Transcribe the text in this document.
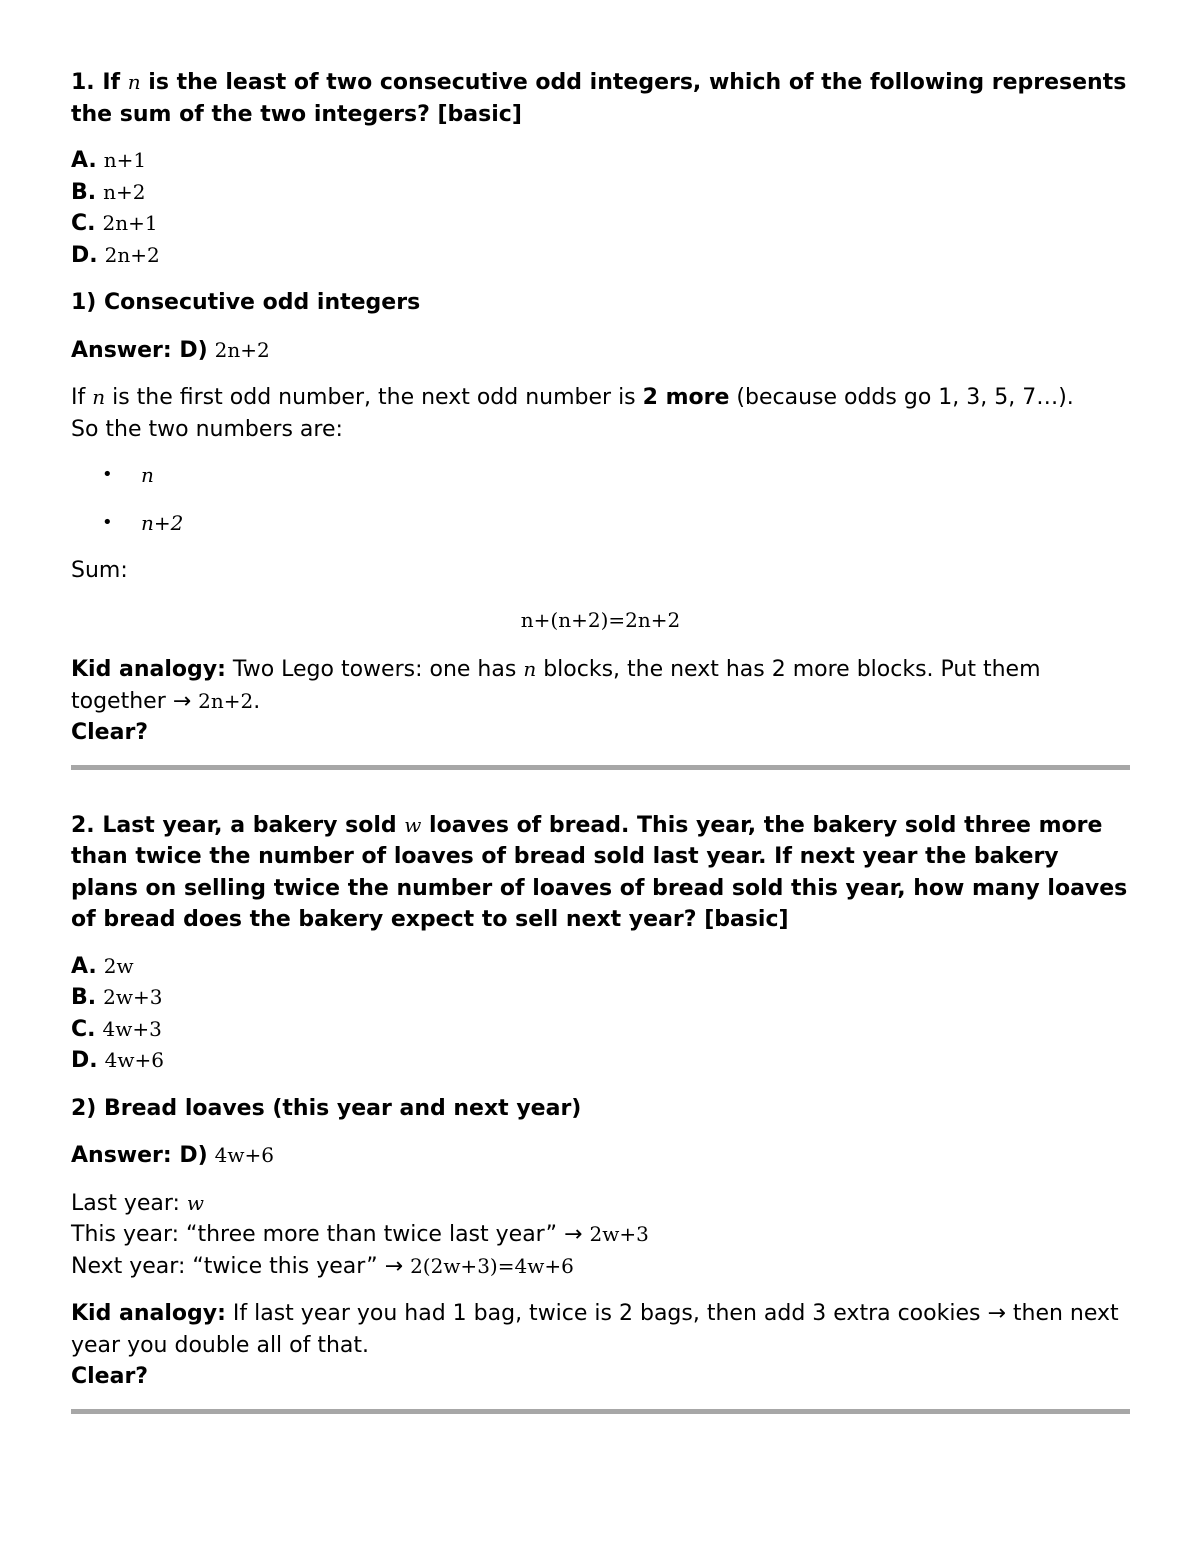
1. If n is the least of two consecutive odd integers, which of the following represents the sum of the two integers? [basic]

A. n+1
B. n+2
C. 2n+1
D. 2n+2

1) Consecutive odd integers

Answer: D) 2n+2

If n is the first odd number, the next odd number is 2 more (because odds go 1, 3, 5, 7…).
So the two numbers are:

• n
• n+2

Sum:

n+(n+2)=2n+2

Kid analogy: Two Lego towers: one has n blocks, the next has 2 more blocks. Put them together → 2n+2.
Clear?

2. Last year, a bakery sold w loaves of bread. This year, the bakery sold three more than twice the number of loaves of bread sold last year. If next year the bakery plans on selling twice the number of loaves of bread sold this year, how many loaves of bread does the bakery expect to sell next year? [basic]

A. 2w
B. 2w+3
C. 4w+3
D. 4w+6

2) Bread loaves (this year and next year)

Answer: D) 4w+6

Last year: w
This year: “three more than twice last year” → 2w+3
Next year: “twice this year” → 2(2w+3)=4w+6

Kid analogy: If last year you had 1 bag, twice is 2 bags, then add 3 extra cookies → then next year you double all of that.
Clear?
